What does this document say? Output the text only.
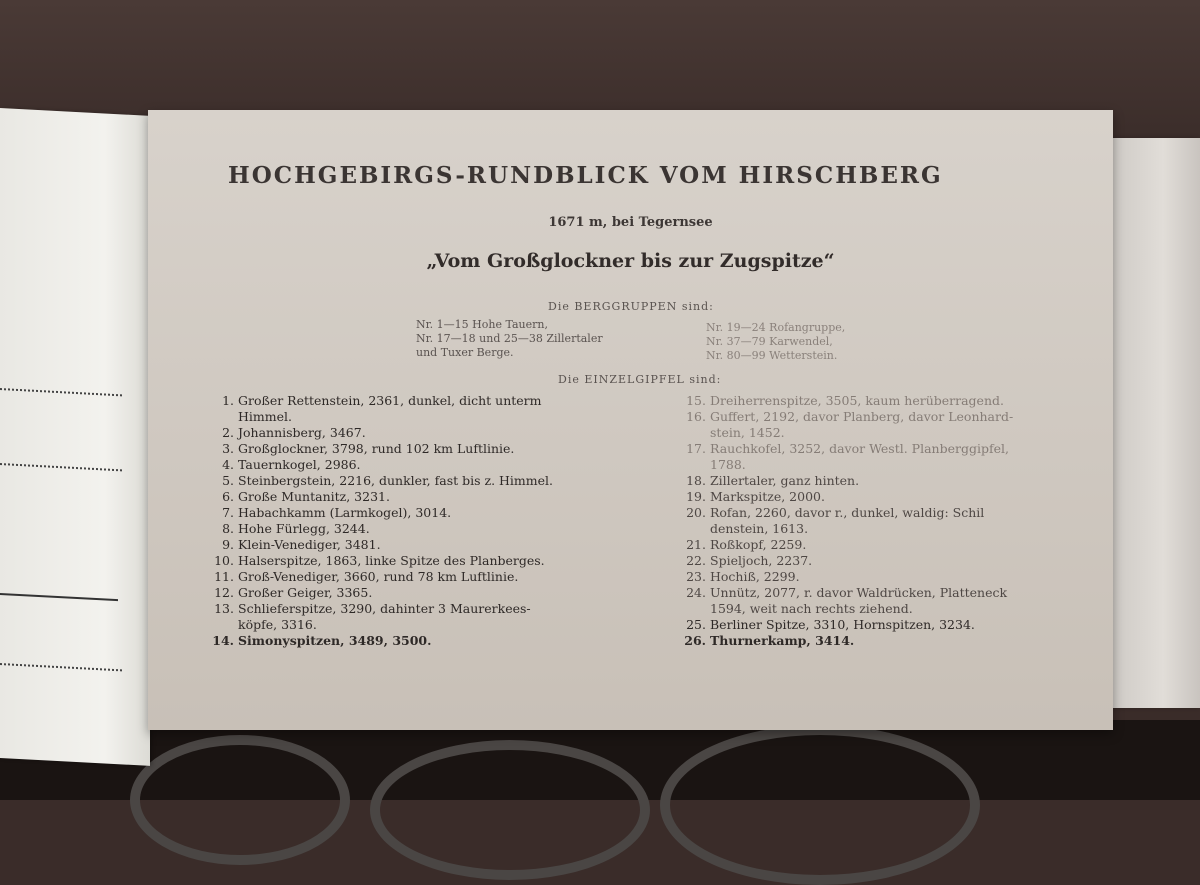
HOCHGEBIRGS-RUNDBLICK VOM HIRSCHBERG
1671 m, bei Tegernsee
„Vom Großglockner bis zur Zugspitze“
Die BERGGRUPPEN sind:
Nr. 1—15 Hohe Tauern,
Nr. 17—18 und 25—38 Zillertaler
und Tuxer Berge.
Nr. 19—24 Rofangruppe,
Nr. 37—79 Karwendel,
Nr. 80—99 Wetterstein.
Die EINZELGIPFEL sind:
1. Großer Rettenstein, 2361, dunkel, dicht unterm
Himmel.
2. Johannisberg, 3467.
3. Großglockner, 3798, rund 102 km Luftlinie.
4. Tauernkogel, 2986.
5. Steinbergstein, 2216, dunkler, fast bis z. Himmel.
6. Große Muntanitz, 3231.
7. Habachkamm (Larmkogel), 3014.
8. Hohe Fürlegg, 3244.
9. Klein-Venediger, 3481.
10. Halserspitze, 1863, linke Spitze des Planberges.
11. Groß-Venediger, 3660, rund 78 km Luftlinie.
12. Großer Geiger, 3365.
13. Schlieferspitze, 3290, dahinter 3 Maurerkees-
köpfe, 3316.
14. Simonyspitzen, 3489, 3500.
15. Dreiherrenspitze, 3505, kaum herüberragend.
16. Guffert, 2192, davor Planberg, davor Leonhard-
stein, 1452.
17. Rauchkofel, 3252, davor Westl. Planberggipfel,
1788.
18. Zillertaler, ganz hinten.
19. Markspitze, 2000.
20. Rofan, 2260, davor r., dunkel, waldig: Schil
denstein, 1613.
21. Roßkopf, 2259.
22. Spieljoch, 2237.
23. Hochiß, 2299.
24. Unnütz, 2077, r. davor Waldrücken, Platteneck
1594, weit nach rechts ziehend.
25. Berliner Spitze, 3310, Hornspitzen, 3234.
26. Thurnerkamp, 3414.
